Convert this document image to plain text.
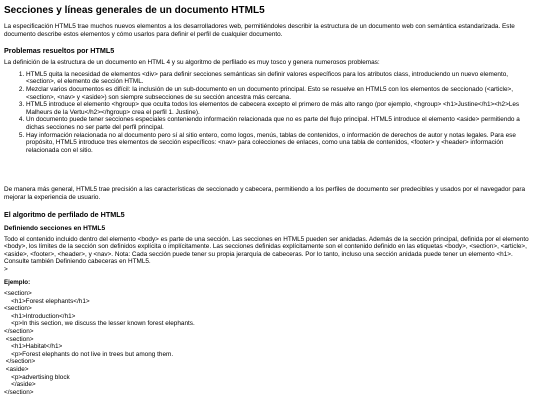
Secciones y líneas generales de un documento HTML5

La especificación HTML5 trae muchos nuevos elementos a los desarrolladores web, permitiéndoles describir la estructura de un documento web con semántica estandarizada. Este documento describe estos elementos y cómo usarlos para definir el perfil de cualquier documento.

Problemas resueltos por HTML5

La definición de la estructura de un documento en HTML 4 y su algoritmo de perfilado es muy tosco y genera numerosos problemas:

1. HTML5 quita la necesidad de elementos <div> para definir secciones semánticas sin definir valores específicos para los atributos class, introduciendo un nuevo elemento, <section>, el elemento de sección HTML.
2. Mezclar varios documentos es difícil: la inclusión de un sub-documento en un documento principal. Esto se resuelve en HTML5 con los elementos de seccionado (<article>, <section>, <nav> y <aside>) son siempre subsecciones de su sección ancestra más cercana.
3. HTML5 introduce el elemento <hgroup> que oculta todos los elementos de cabecera excepto el primero de más alto rango (por ejemplo, <hgroup> <h1>Justine</h1><h2>Les Malheurs de la Vertu</h2></hgroup> crea el perfil 1. Justine).
4. Un documento puede tener secciones especiales conteniendo información relacionada que no es parte del flujo principal. HTML5 introduce el elemento <aside> permitiendo a dichas secciones no ser parte del perfil principal.
5. Hay información relacionada no al documento pero sí al sitio entero, como logos, menús, tablas de contenidos, o información de derechos de autor y notas legales. Para ese propósito, HTML5 introduce tres elementos de sección específicos: <nav> para colecciones de enlaces, como una tabla de contenidos, <footer> y <header> información relacionada con el sitio.

De manera más general, HTML5 trae precisión a las características de seccionado y cabecera, permitiendo a los perfiles de documento ser predecibles y usados por el navegador para mejorar la experiencia de usuario.

El algoritmo de perfilado de HTML5
Definiendo secciones en HTML5

Todo el contenido incluido dentro del elemento <body> es parte de una sección. Las secciones en HTML5 pueden ser anidadas. Además de la sección principal, definida por el elemento <body>, los límites de la sección son definidos explícita o implícitamente. Las secciones definidas explícitamente son el contenido definido en las etiquetas <body>, <section>, <article>, <aside>, <footer>, <header>, y <nav>. Nota: Cada sección puede tener su propia jerarquía de cabeceras. Por lo tanto, incluso una sección anidada puede tener un elemento <h1>. Consulte también Definiendo cabeceras en HTML5.
>

Ejemplo:
<section>
<h1>Forest elephants</h1>
<section>
<h1>Introduction</h1>
<p>In this section, we discuss the lesser known forest elephants.
</section>
<section>
<h1>Habitat</h1>
<p>Forest elephants do not live in trees but among them.
</section>
<aside>
<p>advertising block
</aside>
</section>
